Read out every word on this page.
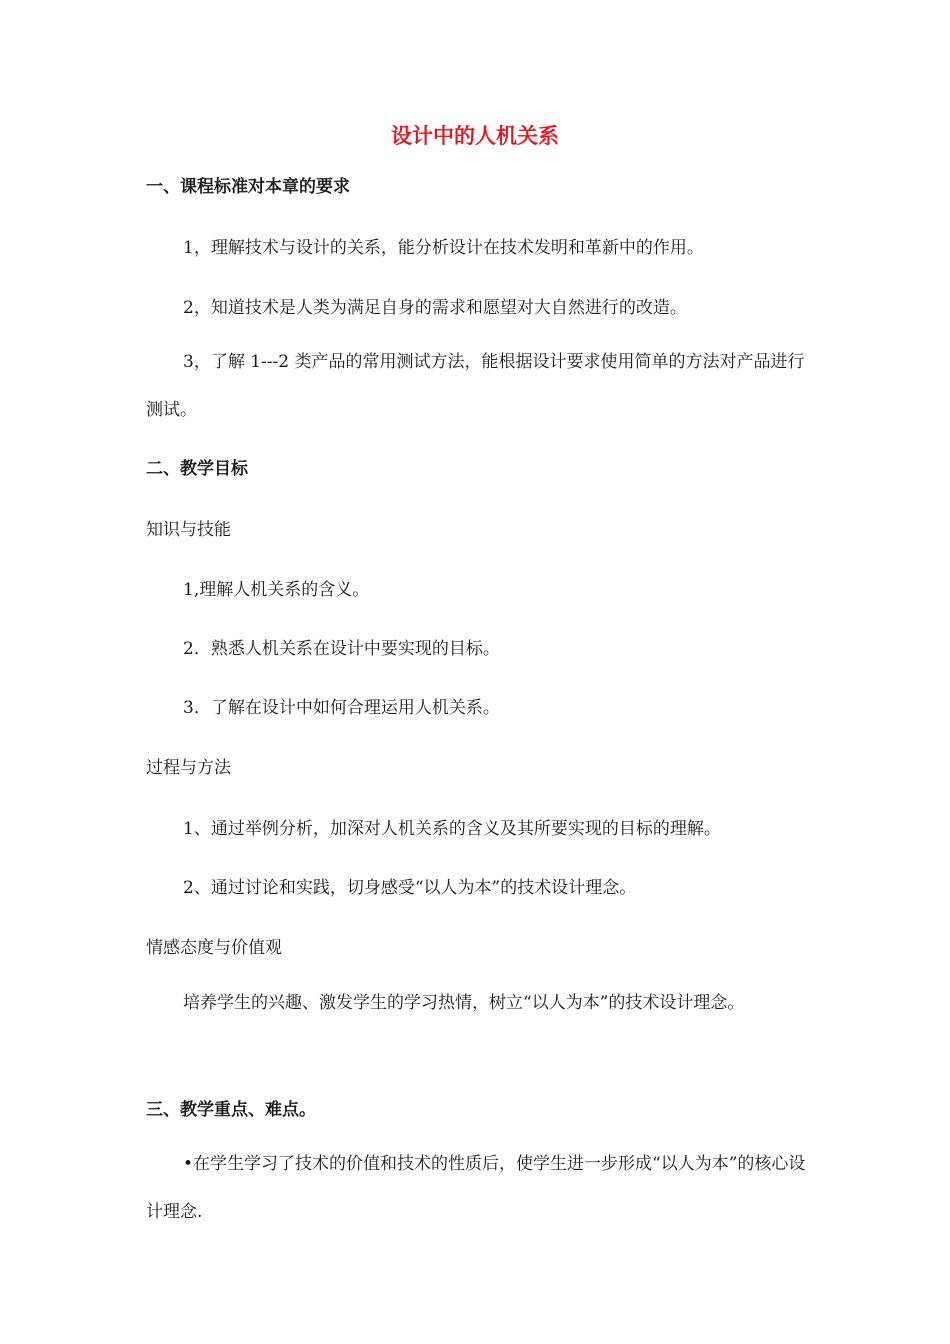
设计中的人机关系
一、课程标准对本章的要求
1，理解技术与设计的关系，能分析设计在技术发明和革新中的作用。
2，知道技术是人类为满足自身的需求和愿望对大自然进行的改造。
3，了解 1---2 类产品的常用测试方法，能根据设计要求使用简单的方法对产品进行测试。
二、教学目标
知识与技能
1,理解人机关系的含义。
2．熟悉人机关系在设计中要实现的目标。
3．了解在设计中如何合理运用人机关系。
过程与方法
1、通过举例分析，加深对人机关系的含义及其所要实现的目标的理解。
2、通过讨论和实践，切身感受“以人为本”的技术设计理念。
情感态度与价值观
培养学生的兴趣、激发学生的学习热情，树立“以人为本”的技术设计理念。
三、教学重点、难点。
•在学生学习了技术的价值和技术的性质后，使学生进一步形成“以人为本”的核心设计理念.
